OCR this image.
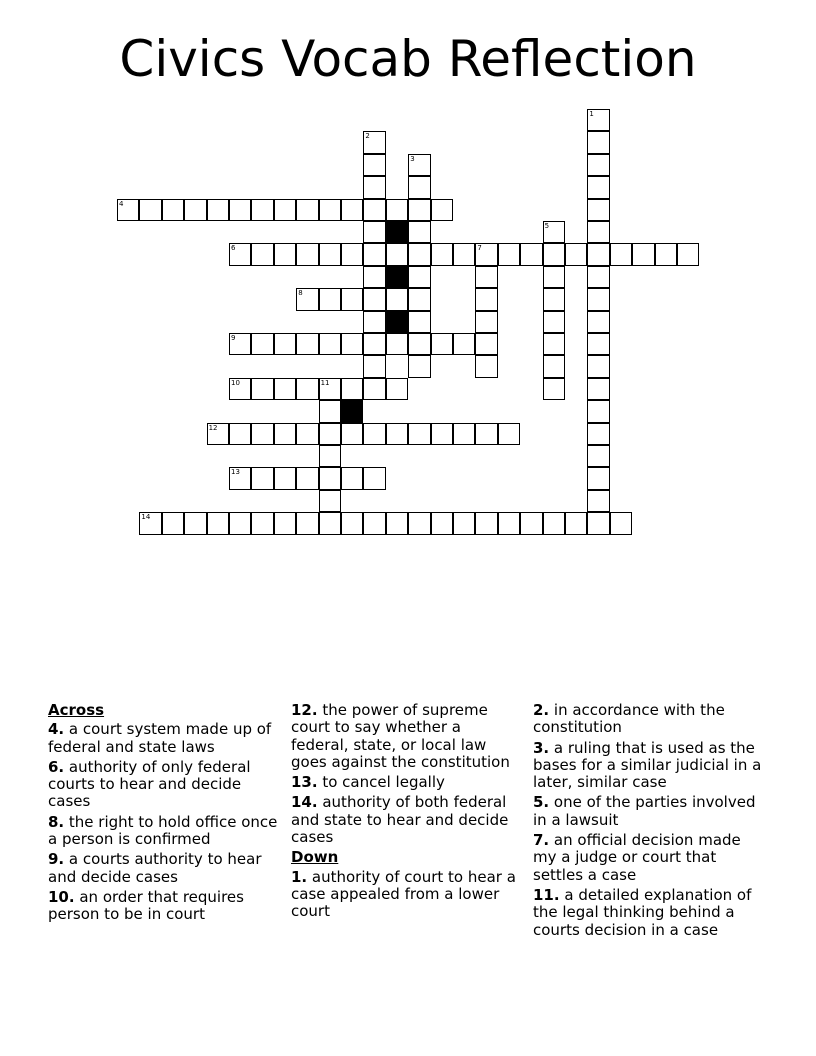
Civics Vocab Reflection
1
2
3
4
5
6	7
8
9
10	11
12
13
14
Across
4. a court system made up of federal and state laws
6. authority of only federal courts to hear and decide cases
8. the right to hold office once a person is confirmed
9. a courts authority to hear and decide cases
10. an order that requires person to be in court
12. the power of supreme court to say whether a federal, state, or local law goes against the constitution
13. to cancel legally
14. authority of both federal and state to hear and decide cases
Down
1. authority of court to hear a case appealed from a lower court
2. in accordance with the constitution
3. a ruling that is used as the bases for a similar judicial in a later, similar case
5. one of the parties involved in a lawsuit
7. an official decision made my a judge or court that settles a case
11. a detailed explanation of the legal thinking behind a courts decision in a case
